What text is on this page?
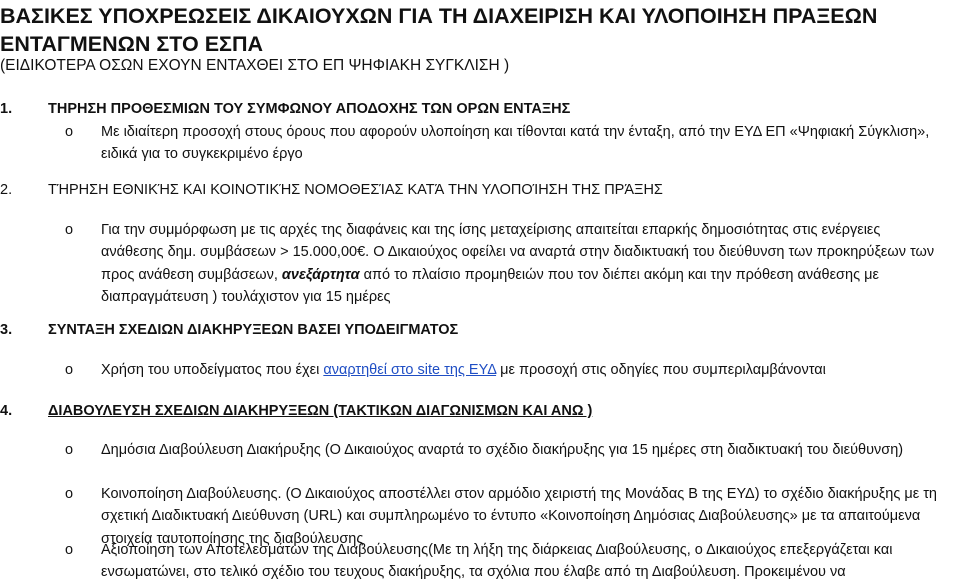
ΒΑΣΙΚΕΣ ΥΠΟΧΡΕΩΣΕΙΣ ΔΙΚΑΙΟΥΧΩΝ ΓΙΑ ΤΗ ΔΙΑΧΕΙΡΙΣΗ ΚΑΙ ΥΛΟΠΟΙΗΣΗ ΠΡΑΞΕΩΝ ΕΝΤΑΓΜΕΝΩΝ ΣΤΟ ΕΣΠΑ
(ΕΙΔΙΚΟΤΕΡΑ ΟΣΩΝ ΕΧΟΥΝ ΕΝΤΑΧΘΕΙ ΣΤΟ ΕΠ ΨΗΦΙΑΚΗ ΣΥΓΚΛΙΣΗ )
1. ΤΗΡΗΣΗ ΠΡΟΘΕΣΜΙΩΝ ΤΟΥ ΣΥΜΦΩΝΟΥ ΑΠΟΔΟΧΗΣ ΤΩΝ ΟΡΩΝ ΕΝΤΑΞΗΣ
o Με ιδιαίτερη προσοχή στους όρους που αφορούν υλοποίηση και τίθονται κατά την ένταξη, από την ΕΥΔ ΕΠ «Ψηφιακή Σύγκλιση», ειδικά για το συγκεκριμένο έργο
2. ΤΉΡΗΣΗ ΕΘΝΙΚΉΣ ΚΑΙ ΚΟΙΝΟΤΙΚΉΣ ΝΟΜΟΘΕΣΊΑΣ ΚΑΤΆ ΤΗΝ ΥΛΟΠΟΊΗΣΗ ΤΗΣ ΠΡΆΞΗΣ
o Για την συμμόρφωση με τις αρχές της διαφάνεις και της ίσης μεταχείρισης απαιτείται επαρκής δημοσιότητας στις ενέργειες ανάθεσης δημ. συμβάσεων > 15.000,00€. Ο Δικαιούχος οφείλει να αναρτά στην διαδικτυακή του διεύθυνση των προκηρύξεων των προς ανάθεση συμβάσεων, ανεξάρτητα από το πλαίσιο προμηθειών που τον διέπει ακόμη και την πρόθεση ανάθεσης με διαπραγμάτευση ) τουλάχιστον για 15 ημέρες
3. ΣΥΝΤΑΞΗ ΣΧΕΔΙΩΝ ΔΙΑΚΗΡΥΞΕΩΝ ΒΑΣΕΙ ΥΠΟΔΕΙΓΜΑΤΟΣ
o Χρήση του υποδείγματος που έχει αναρτηθεί στο site της ΕΥΔ με προσοχή στις οδηγίες που συμπεριλαμβάνονται
4. ΔΙΑΒΟΥΛΕΥΣΗ ΣΧΕΔΙΩΝ ΔΙΑΚΗΡΥΞΕΩΝ (ΤΑΚΤΙΚΩΝ ΔΙΑΓΩΝΙΣΜΩΝ ΚΑΙ ΑΝΩ )
o Δημόσια Διαβούλευση Διακήρυξης (Ο Δικαιούχος αναρτά το σχέδιο διακήρυξης για 15 ημέρες στη διαδικτυακή του διεύθυνση)
o Κοινοποίηση Διαβούλευσης. (Ο Δικαιούχος αποστέλλει στον αρμόδιο χειριστή της Μονάδας Β της ΕΥΔ) το σχέδιο διακήρυξης με τη σχετική Διαδικτυακή Διεύθυνση (URL) και συμπληρωμένο το έντυπο «Κοινοποίηση Δημόσιας Διαβούλευσης» με τα απαιτούμενα στοιχεία ταυτοποίησης της διαβούλευσης
o Αξιοποίηση των Αποτελεσμάτων της Διαβούλευσης(Με τη λήξη της διάρκειας Διαβούλευσης, ο Δικαιούχος επεξεργάζεται και ενσωματώνει, στο τελικό σχέδιο του τευχους διακήρυξης, τα σχόλια που έλαβε από τη Διαβούλευση. Προκειμένου να
